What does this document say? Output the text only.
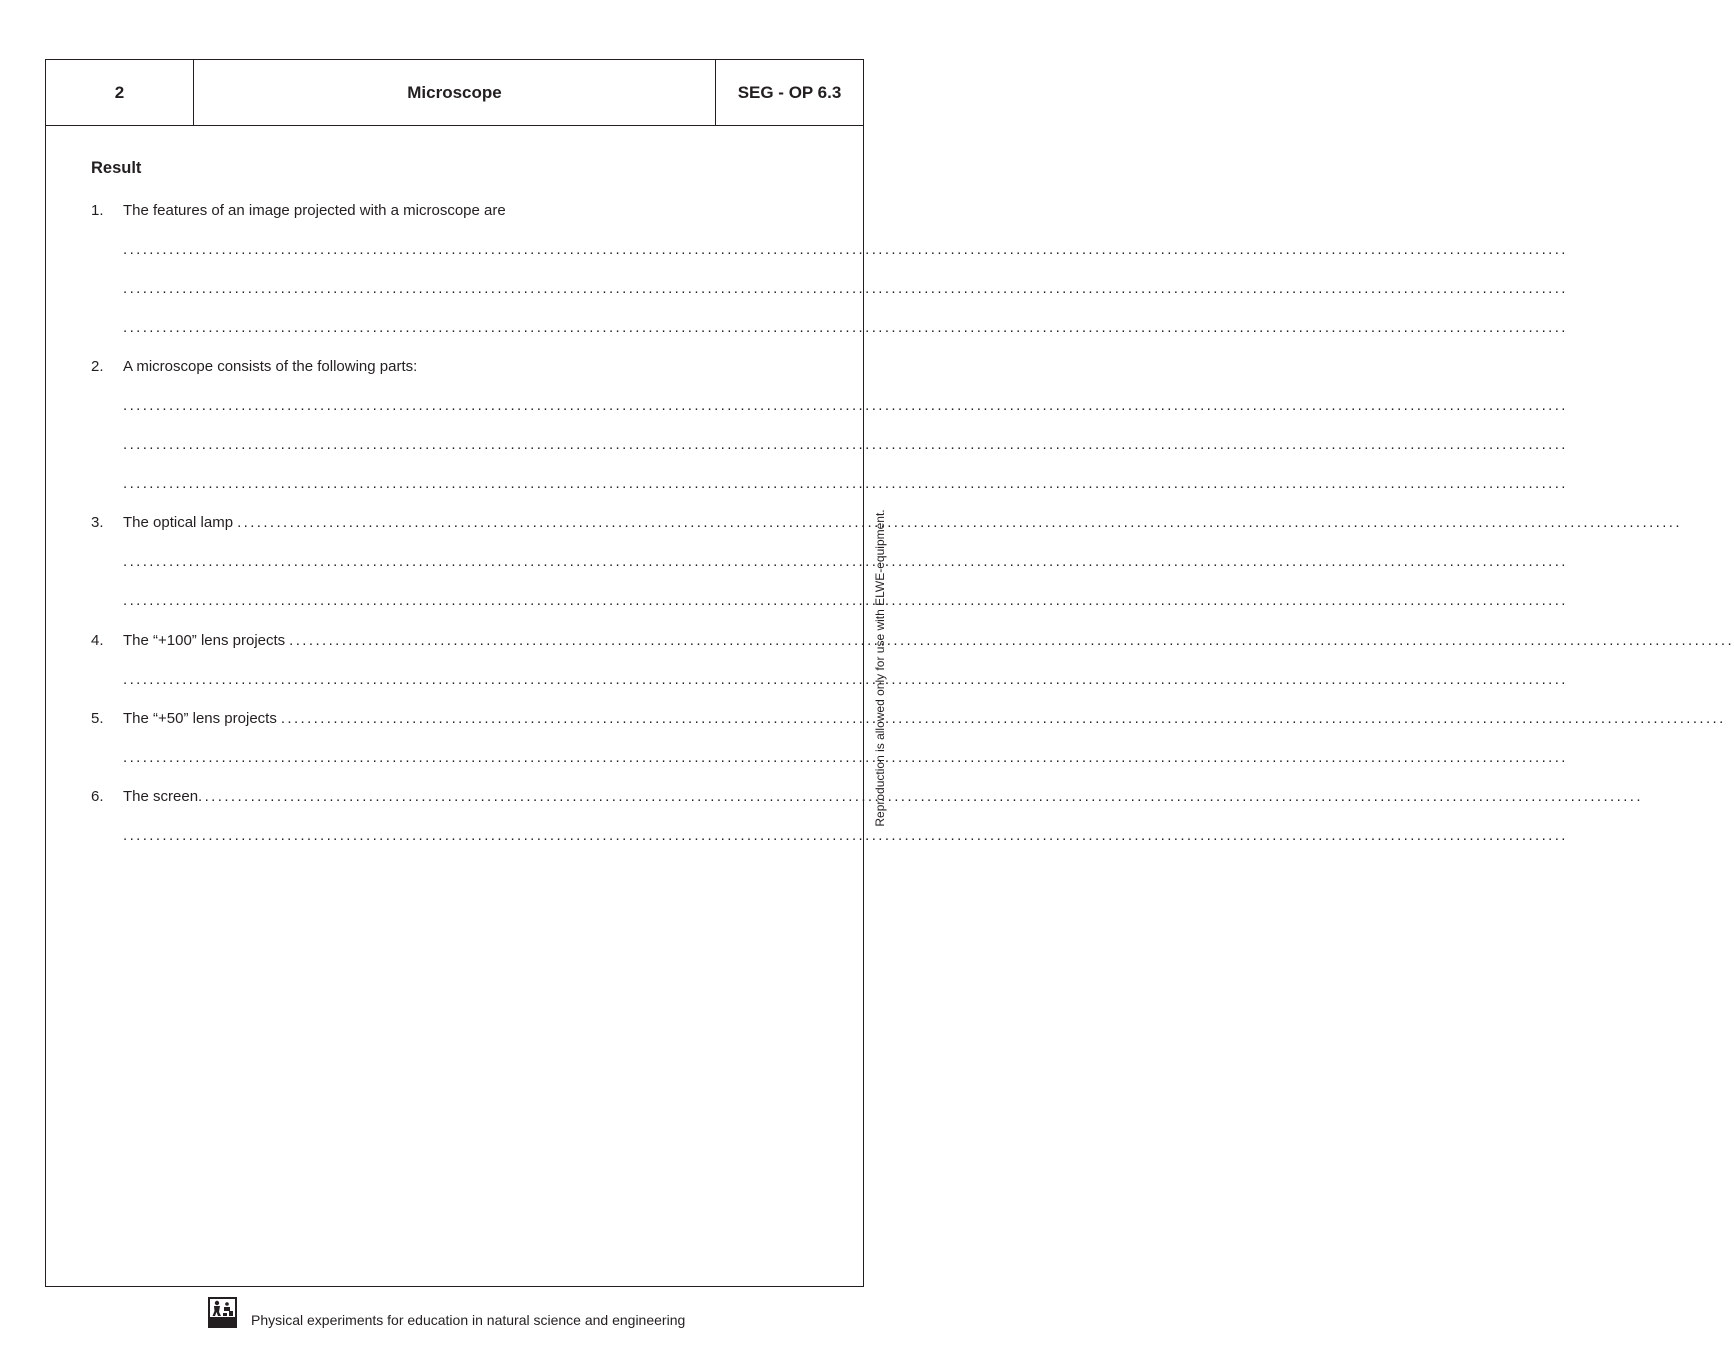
2	Microscope	SEG - OP 6.3
Result
1.	The features of an image projected with a microscope are
............................................................................................................................................................................................................................
............................................................................................................................................................................................................................
............................................................................................................................................................................................................................
2.	A microscope consists of the following parts:
............................................................................................................................................................................................................................
............................................................................................................................................................................................................................
............................................................................................................................................................................................................................
3.	The optical lamp ............................................................................................................................................................................................................................
............................................................................................................................................................................................................................
............................................................................................................................................................................................................................
4.	The “+100” lens projects ............................................................................................................................................................................................................................
............................................................................................................................................................................................................................
5.	The “+50” lens projects ............................................................................................................................................................................................................................
............................................................................................................................................................................................................................
6.	The screen ............................................................................................................................................................................................................................
............................................................................................................................................................................................................................
Reproduction is allowed only for use with ELWE-equipment.
Physical experiments for education in natural science and engineering
